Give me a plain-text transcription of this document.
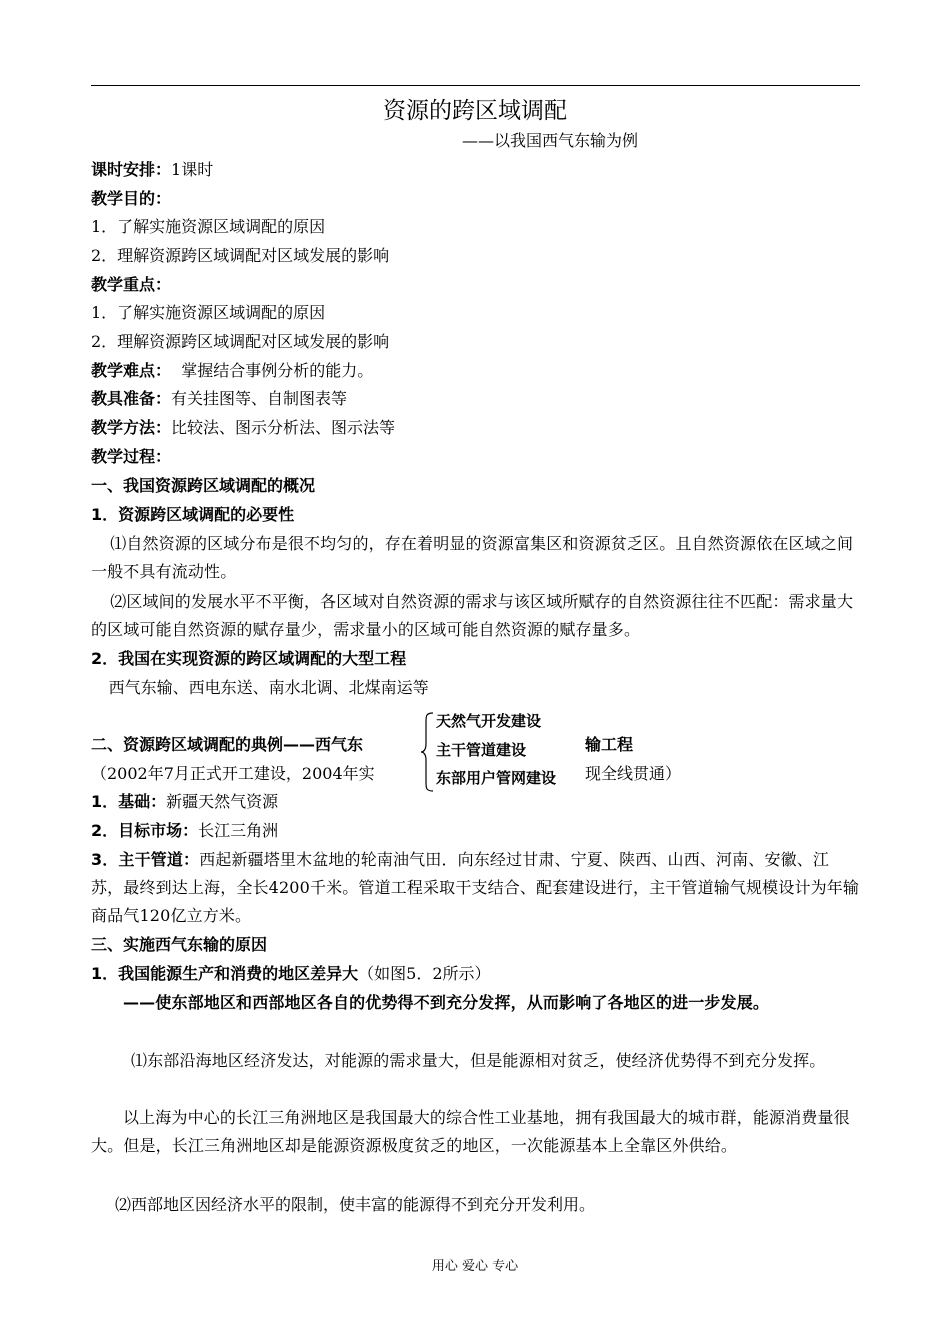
资源的跨区域调配
——以我国西气东输为例
课时安排：1课时
教学目的：
1．了解实施资源区域调配的原因
2．理解资源跨区域调配对区域发展的影响
教学重点：
1．了解实施资源区域调配的原因
2．理解资源跨区域调配对区域发展的影响
教学难点：  掌握结合事例分析的能力。
教具准备：有关挂图等、自制图表等
教学方法：比较法、图示分析法、图示法等
教学过程：
一、我国资源跨区域调配的概况
1．资源跨区域调配的必要性
⑴自然资源的区域分布是很不均匀的，存在着明显的资源富集区和资源贫乏区。且自然资源依在区域之间一般不具有流动性。
⑵区域间的发展水平不平衡，各区域对自然资源的需求与该区域所赋存的自然资源往往不匹配：需求量大的区域可能自然资源的赋存量少，需求量小的区域可能自然资源的赋存量多。
2．我国在实现资源的跨区域调配的大型工程
西气东输、西电东送、南水北调、北煤南运等
二、资源跨区域调配的典例——西气东
（2002年7月正式开工建设，2004年实
天然气开发建设
主干管道建设
东部用户管网建设
输工程
现全线贯通）
1．基础：新疆天然气资源
2．目标市场：长江三角洲
3．主干管道：西起新疆塔里木盆地的轮南油气田．向东经过甘肃、宁夏、陕西、山西、河南、安徽、江苏，最终到达上海，全长4200千米。管道工程采取干支结合、配套建设进行，主干管道输气规模设计为年输商品气120亿立方米。
三、实施西气东输的原因
1．我国能源生产和消费的地区差异大（如图5．2所示）
——使东部地区和西部地区各自的优势得不到充分发挥，从而影响了各地区的进一步发展。
⑴东部沿海地区经济发达，对能源的需求量大，但是能源相对贫乏，使经济优势得不到充分发挥。
以上海为中心的长江三角洲地区是我国最大的综合性工业基地，拥有我国最大的城市群，能源消费量很大。但是，长江三角洲地区却是能源资源极度贫乏的地区，一次能源基本上全靠区外供给。
⑵西部地区因经济水平的限制，使丰富的能源得不到充分开发利用。
用心 爱心 专心
